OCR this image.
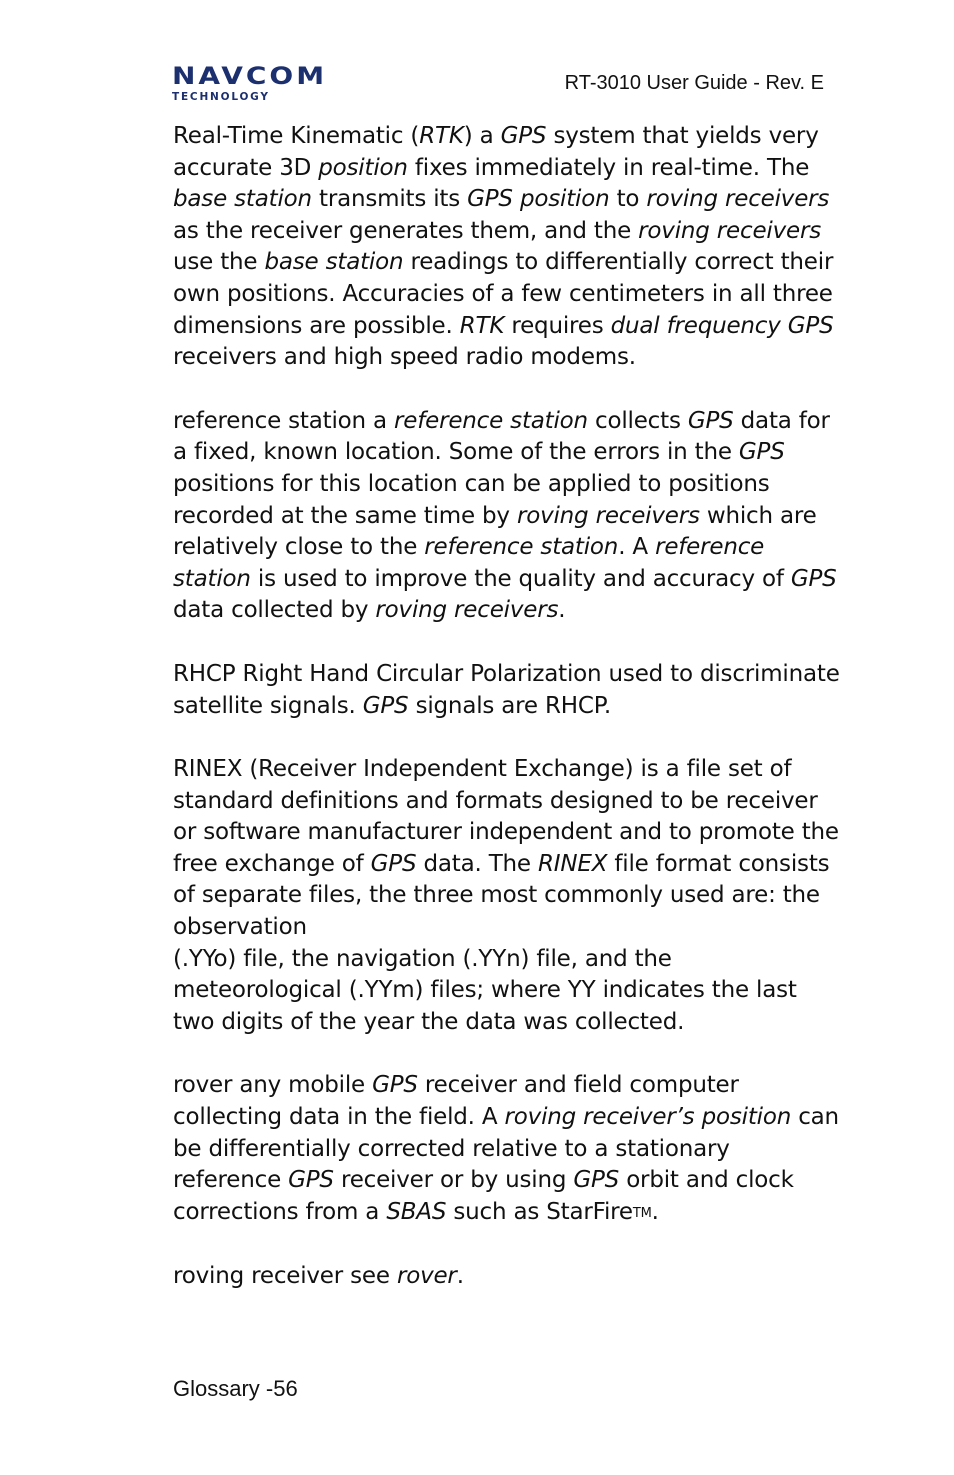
NAVCOM
TECHNOLOGY
RT-3010 User Guide - Rev. E

Real-Time Kinematic (RTK) a GPS system that yields very accurate 3D position fixes immediately in real-time. The base station transmits its GPS position to roving receivers as the receiver generates them, and the roving receivers use the base station readings to differentially correct their own positions. Accuracies of a few centimeters in all three dimensions are possible. RTK requires dual frequency GPS receivers and high speed radio modems.

reference station a reference station collects GPS data for a fixed, known location. Some of the errors in the GPS positions for this location can be applied to positions recorded at the same time by roving receivers which are relatively close to the reference station. A reference station is used to improve the quality and accuracy of GPS data collected by roving receivers.

RHCP Right Hand Circular Polarization used to discriminate satellite signals. GPS signals are RHCP.

RINEX (Receiver Independent Exchange) is a file set of standard definitions and formats designed to be receiver or software manufacturer independent and to promote the free exchange of GPS data. The RINEX file format consists of separate files, the three most commonly used are: the observation
(.YYo) file, the navigation (.YYn) file, and the meteorological (.YYm) files; where YY indicates the last two digits of the year the data was collected.

rover any mobile GPS receiver and field computer collecting data in the field. A roving receiver’s position can be differentially corrected relative to a stationary reference GPS receiver or by using GPS orbit and clock corrections from a SBAS such as StarFireTM.

roving receiver see rover.

Glossary -56
